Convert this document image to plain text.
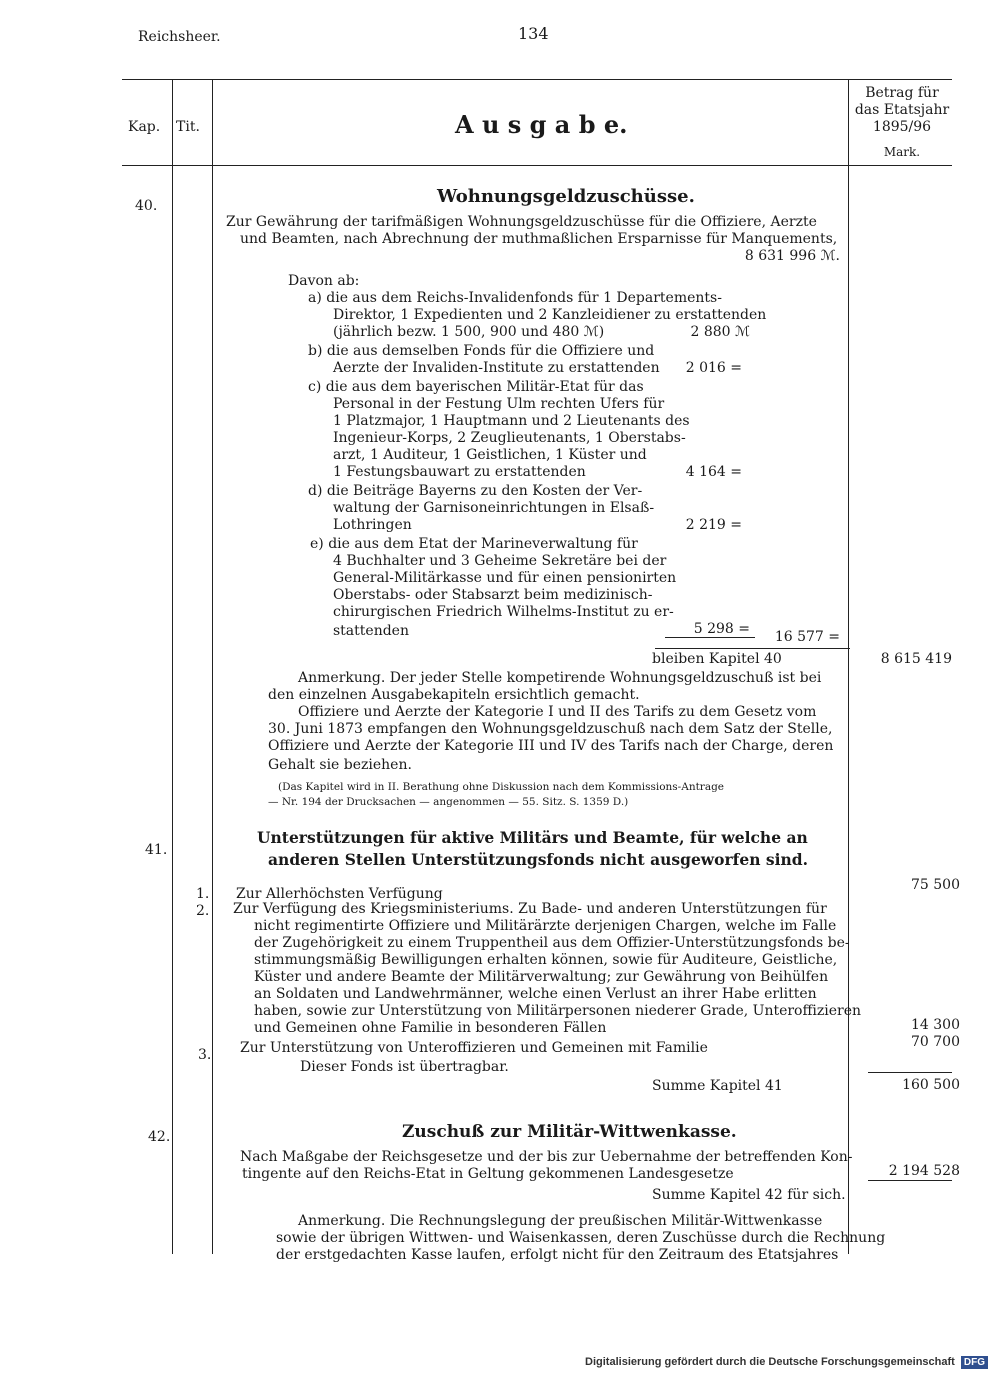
Reichsheer.	134
Kap. Tit.	A u s g a b e.
Betrag für
das Etatsjahr
1895/96
Mark.
40.	Wohnungsgeldzuschüsse.
Zur Gewährung der tarifmäßigen Wohnungsgeldzuschüsse für die Offiziere, Aerzte
und Beamten, nach Abrechnung der muthmaßlichen Ersparnisse für Manquements,
8 631 996 ℳ.
Davon ab:
a) die aus dem Reichs-Invalidenfonds für 1 Departements-
Direktor, 1 Expedienten und 2 Kanzleidiener zu erstattenden
(jährlich bezw. 1 500, 900 und 480 ℳ)	2 880 ℳ
b) die aus demselben Fonds für die Offiziere und
Aerzte der Invaliden-Institute zu erstattenden	2 016 =
c) die aus dem bayerischen Militär-Etat für das
Personal in der Festung Ulm rechten Ufers für
1 Platzmajor, 1 Hauptmann und 2 Lieutenants des
Ingenieur-Korps, 2 Zeuglieutenants, 1 Oberstabs-
arzt, 1 Auditeur, 1 Geistlichen, 1 Küster und
1 Festungsbauwart zu erstattenden	4 164 =
d) die Beiträge Bayerns zu den Kosten der Ver-
waltung der Garnisoneinrichtungen in Elsaß-
Lothringen	2 219 =
e) die aus dem Etat der Marineverwaltung für
4 Buchhalter und 3 Geheime Sekretäre bei der
General-Militärkasse und für einen pensionirten
Oberstabs- oder Stabsarzt beim medizinisch-
chirurgischen Friedrich Wilhelms-Institut zu er-
stattenden	5 298 =	16 577 =
bleiben Kapitel 40	8 615 419
Anmerkung. Der jeder Stelle kompetirende Wohnungsgeldzuschuß ist bei
den einzelnen Ausgabekapiteln ersichtlich gemacht.
Offiziere und Aerzte der Kategorie I und II des Tarifs zu dem Gesetz vom
30. Juni 1873 empfangen den Wohnungsgeldzuschuß nach dem Satz der Stelle,
Offiziere und Aerzte der Kategorie III und IV des Tarifs nach der Charge, deren
Gehalt sie beziehen.
(Das Kapitel wird in II. Berathung ohne Diskussion nach dem Kommissions-Antrage
— Nr. 194 der Drucksachen — angenommen — 55. Sitz. S. 1359 D.)
41.
Unterstützungen für aktive Militärs und Beamte, für welche an
anderen Stellen Unterstützungsfonds nicht ausgeworfen sind.
1. Zur Allerhöchsten Verfügung
75 500
2. Zur Verfügung des Kriegsministeriums. Zu Bade- und anderen Unterstützungen für
nicht regimentirte Offiziere und Militärärzte derjenigen Chargen, welche im Falle
der Zugehörigkeit zu einem Truppentheil aus dem Offizier-Unterstützungsfonds be-
stimmungsmäßig Bewilligungen erhalten können, sowie für Auditeure, Geistliche,
Küster und andere Beamte der Militärverwaltung; zur Gewährung von Beihülfen
an Soldaten und Landwehrmänner, welche einen Verlust an ihrer Habe erlitten
haben, sowie zur Unterstützung von Militärpersonen niederer Grade, Unteroffizieren
und Gemeinen ohne Familie in besonderen Fällen	14 300
3. Zur Unterstützung von Unteroffizieren und Gemeinen mit Familie	70 700
Dieser Fonds ist übertragbar.
Summe Kapitel 41	160 500
42.	Zuschuß zur Militär-Wittwenkasse.
Nach Maßgabe der Reichsgesetze und der bis zur Uebernahme der betreffenden Kon-
tingente auf den Reichs-Etat in Geltung gekommenen Landesgesetze	2 194 528
Summe Kapitel 42 für sich.
Anmerkung. Die Rechnungslegung der preußischen Militär-Wittwenkasse
sowie der übrigen Wittwen- und Waisenkassen, deren Zuschüsse durch die Rechnung
der erstgedachten Kasse laufen, erfolgt nicht für den Zeitraum des Etatsjahres
Digitalisierung gefördert durch die Deutsche Forschungsgemeinschaft DFG
